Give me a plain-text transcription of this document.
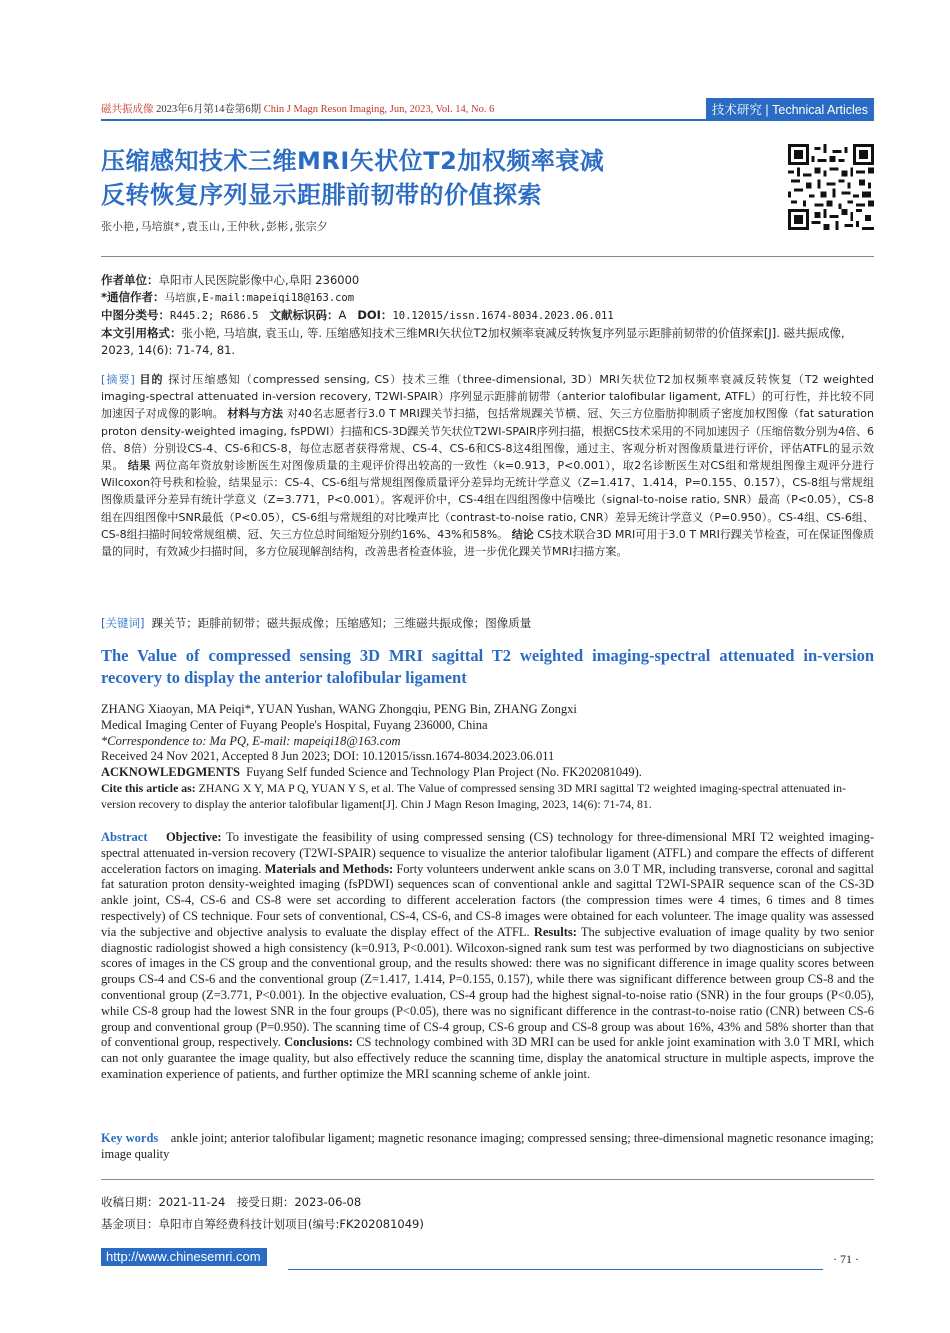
磁共振成像 2023年6月第14卷第6期 Chin J Magn Reson Imaging, Jun, 2023, Vol. 14, No. 6	技术研究 | Technical Articles
压缩感知技术三维MRI矢状位T2加权频率衰减
反转恢复序列显示距腓前韧带的价值探索
张小艳,马培旗*,袁玉山,王仲秋,彭彬,张宗夕
作者单位：阜阳市人民医院影像中心,阜阳 236000
*通信作者：马培旗,E-mail:mapeiqi18@163.com
中图分类号：R445.2; R686.5 文献标识码：A DOI：10.12015/issn.1674-8034.2023.06.011
本文引用格式：张小艳, 马培旗, 袁玉山, 等. 压缩感知技术三维MRI矢状位T2加权频率衰减反转恢复序列显示距腓前韧带的价值探索[J]. 磁共振成像, 2023, 14(6): 71-74, 81.
[摘要] 目的 探讨压缩感知（compressed sensing, CS）技术三维（three-dimensional, 3D）MRI矢状位T2加权频率衰减反转恢复（T2 weighted imaging-spectral attenuated in-version recovery, T2WI-SPAIR）序列显示距腓前韧带（anterior talofibular ligament, ATFL）的可行性，并比较不同加速因子对成像的影响。 材料与方法 对40名志愿者行3.0 T MRI踝关节扫描，包括常规踝关节横、冠、矢三方位脂肪抑制质子密度加权图像（fat saturation proton density-weighted imaging, fsPDWI）扫描和CS-3D踝关节矢状位T2WI-SPAIR序列扫描，根据CS技术采用的不同加速因子（压缩倍数分别为4倍、6倍、8倍）分别设CS-4、CS-6和CS-8，每位志愿者获得常规、CS-4、CS-6和CS-8这4组图像，通过主、客观分析对图像质量进行评价，评估ATFL的显示效果。 结果 两位高年资放射诊断医生对图像质量的主观评价得出较高的一致性（k=0.913，P<0.001），取2名诊断医生对CS组和常规组图像主观评分进行Wilcoxon符号秩和检验，结果显示：CS-4、CS-6组与常规组图像质量评分差异均无统计学意义（Z=1.417、1.414，P=0.155、0.157），CS-8组与常规组图像质量评分差异有统计学意义（Z=3.771，P<0.001）。客观评价中，CS-4组在四组图像中信噪比（signal-to-noise ratio, SNR）最高（P<0.05），CS-8组在四组图像中SNR最低（P<0.05），CS-6组与常规组的对比噪声比（contrast-to-noise ratio, CNR）差异无统计学意义（P=0.950）。CS-4组、CS-6组、CS-8组扫描时间较常规组横、冠、矢三方位总时间缩短分别约16%、43%和58%。 结论 CS技术联合3D MRI可用于3.0 T MRI行踝关节检查，可在保证图像质量的同时，有效减少扫描时间，多方位展现解剖结构，改善患者检查体验，进一步优化踝关节MRI扫描方案。
[关键词] 踝关节；距腓前韧带；磁共振成像；压缩感知；三维磁共振成像；图像质量
The Value of compressed sensing 3D MRI sagittal T2 weighted imaging-spectral attenuated in-version recovery to display the anterior talofibular ligament
ZHANG Xiaoyan, MA Peiqi*, YUAN Yushan, WANG Zhongqiu, PENG Bin, ZHANG Zongxi
Medical Imaging Center of Fuyang People's Hospital, Fuyang 236000, China
*Correspondence to: Ma PQ, E-mail: mapeiqi18@163.com
Received 24 Nov 2021, Accepted 8 Jun 2023; DOI: 10.12015/issn.1674-8034.2023.06.011
ACKNOWLEDGMENTS Fuyang Self funded Science and Technology Plan Project (No. FK202081049).
Cite this article as: ZHANG X Y, MA P Q, YUAN Y S, et al. The Value of compressed sensing 3D MRI sagittal T2 weighted imaging-spectral attenuated in-version recovery to display the anterior talofibular ligament[J]. Chin J Magn Reson Imaging, 2023, 14(6): 71-74, 81.
Abstract Objective: To investigate the feasibility of using compressed sensing (CS) technology for three-dimensional MRI T2 weighted imaging-spectral attenuated in-version recovery (T2WI-SPAIR) sequence to visualize the anterior talofibular ligament (ATFL) and compare the effects of different acceleration factors on imaging. Materials and Methods: Forty volunteers underwent ankle scans on 3.0 T MR, including transverse, coronal and sagittal fat saturation proton density-weighted imaging (fsPDWI) sequences scan of conventional ankle and sagittal T2WI-SPAIR sequence scan of the CS-3D ankle joint, CS-4, CS-6 and CS-8 were set according to different acceleration factors (the compression times were 4 times, 6 times and 8 times respectively) of CS technique. Four sets of conventional, CS-4, CS-6, and CS-8 images were obtained for each volunteer. The image quality was assessed via the subjective and objective analysis to evaluate the display effect of the ATFL. Results: The subjective evaluation of image quality by two senior diagnostic radiologist showed a high consistency (k=0.913, P<0.001). Wilcoxon-signed rank sum test was performed by two diagnosticians on subjective scores of images in the CS group and the conventional group, and the results showed: there was no significant difference in image quality scores between groups CS-4 and CS-6 and the conventional group (Z=1.417, 1.414, P=0.155, 0.157), while there was significant difference between group CS-8 and the conventional group (Z=3.771, P<0.001). In the objective evaluation, CS-4 group had the highest signal-to-noise ratio (SNR) in the four groups (P<0.05), while CS-8 group had the lowest SNR in the four groups (P<0.05), there was no significant difference in the contrast-to-noise ratio (CNR) between CS-6 group and conventional group (P=0.950). The scanning time of CS-4 group, CS-6 group and CS-8 group was about 16%, 43% and 58% shorter than that of conventional group, respectively. Conclusions: CS technology combined with 3D MRI can be used for ankle joint examination with 3.0 T MRI, which can not only guarantee the image quality, but also effectively reduce the scanning time, display the anatomical structure in multiple aspects, improve the examination experience of patients, and further optimize the MRI scanning scheme of ankle joint.
Key words ankle joint; anterior talofibular ligament; magnetic resonance imaging; compressed sensing; three-dimensional magnetic resonance imaging; image quality
收稿日期：2021-11-24　接受日期：2023-06-08
基金项目：阜阳市自筹经费科技计划项目(编号:FK202081049)
http://www.chinesemri.com	· 71 ·
